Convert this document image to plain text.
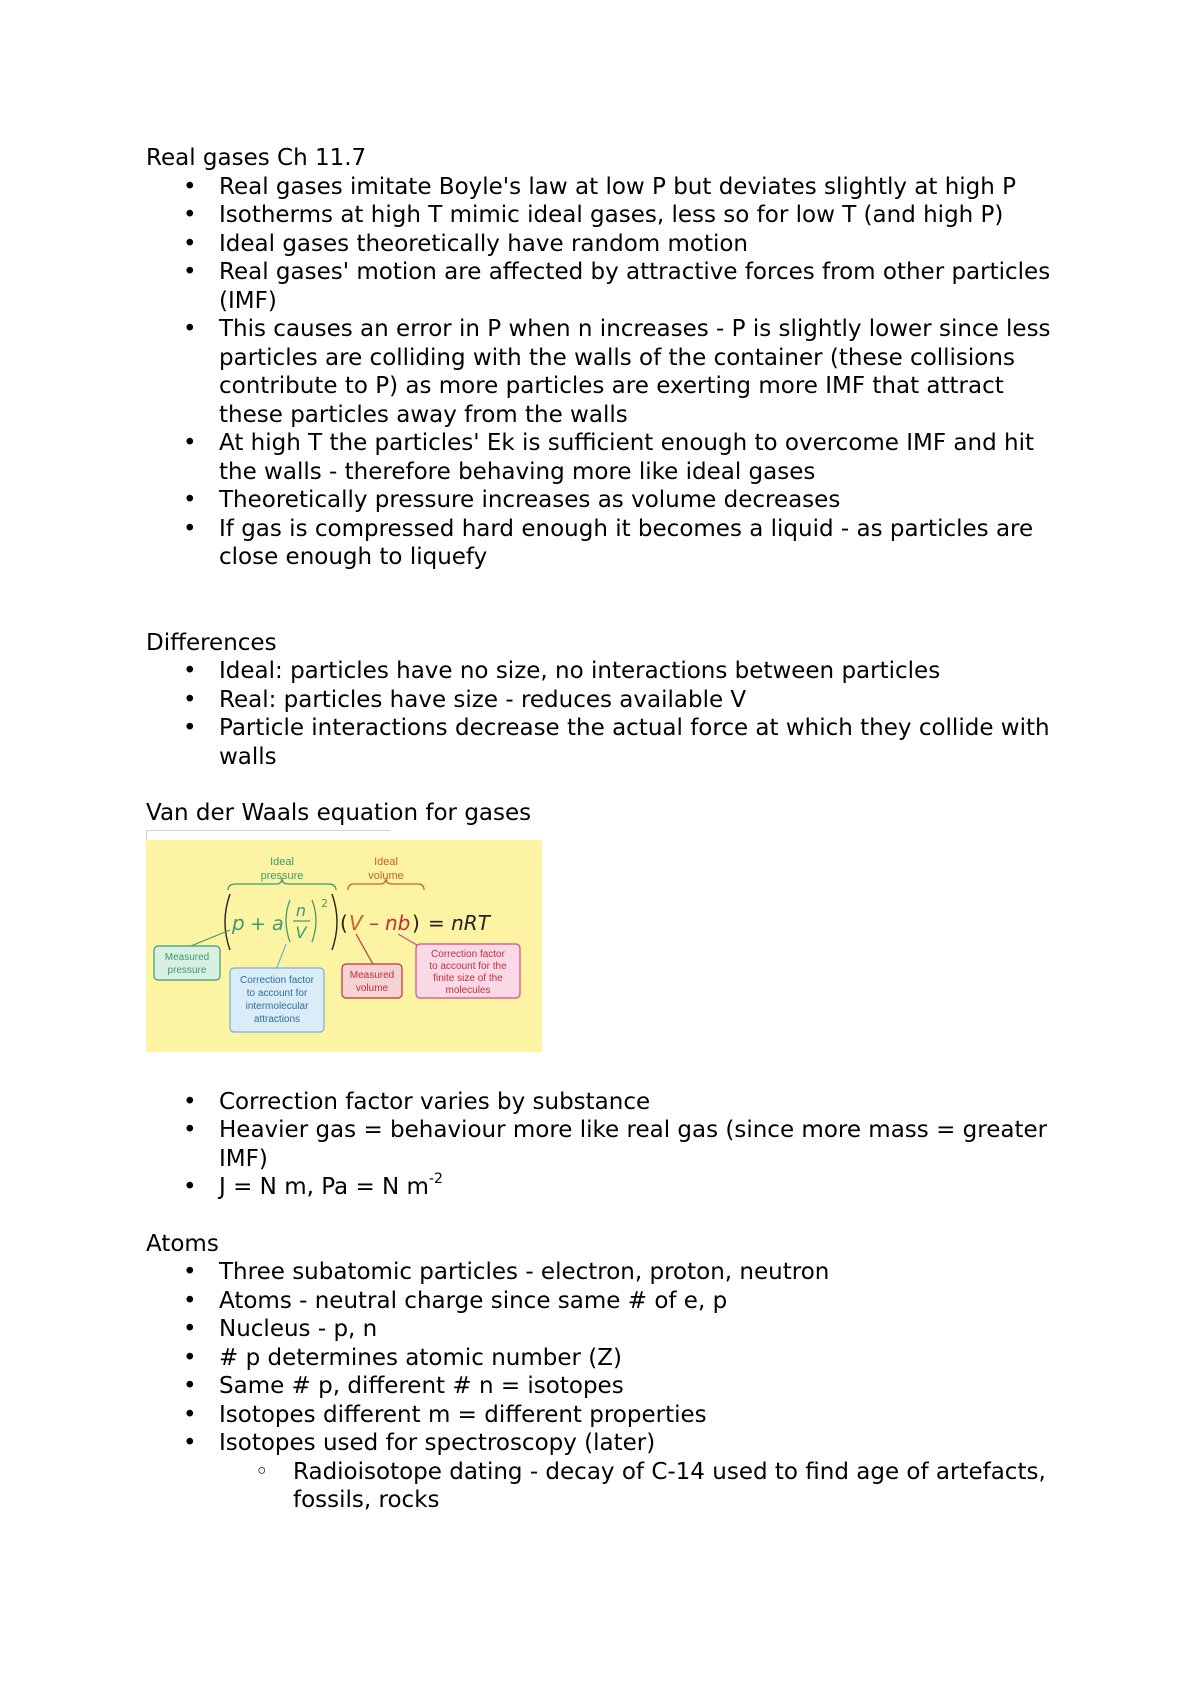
Real gases Ch 11.7

• Real gases imitate Boyle's law at low P but deviates slightly at high P
• Isotherms at high T mimic ideal gases, less so for low T (and high P)
• Ideal gases theoretically have random motion
• Real gases' motion are affected by attractive forces from other particles (IMF)
• This causes an error in P when n increases - P is slightly lower since less particles are colliding with the walls of the container (these collisions contribute to P) as more particles are exerting more IMF that attract these particles away from the walls
• At high T the particles' Ek is sufficient enough to overcome IMF and hit the walls - therefore behaving more like ideal gases
• Theoretically pressure increases as volume decreases
• If gas is compressed hard enough it becomes a liquid - as particles are close enough to liquefy

Differences

• Ideal: particles have no size, no interactions between particles
• Real: particles have size - reduces available V
• Particle interactions decrease the actual force at which they collide with walls

Van der Waals equation for gases

Ideal
pressure
Ideal
volume
p + a
n
V
2
( V – nb ) = nRT
Measured
pressure
Correction factor
to account for
intermolecular
attractions
Measured
volume
Correction factor
to account for the
finite size of the
molecules
• Correction factor varies by substance
• Heavier gas = behaviour more like real gas (since more mass = greater IMF)
• J = N m, Pa = N $m^{-2}$

Atoms

• Three subatomic particles - electron, proton, neutron
• Atoms - neutral charge since same # of e, p
• Nucleus - p, n
• # p determines atomic number (Z)
• Same # p, different # n = isotopes
• Isotopes different m = different properties
• Isotopes used for spectroscopy (later)
◦ Radioisotope dating - decay of C-14 used to find age of artefacts, fossils, rocks
